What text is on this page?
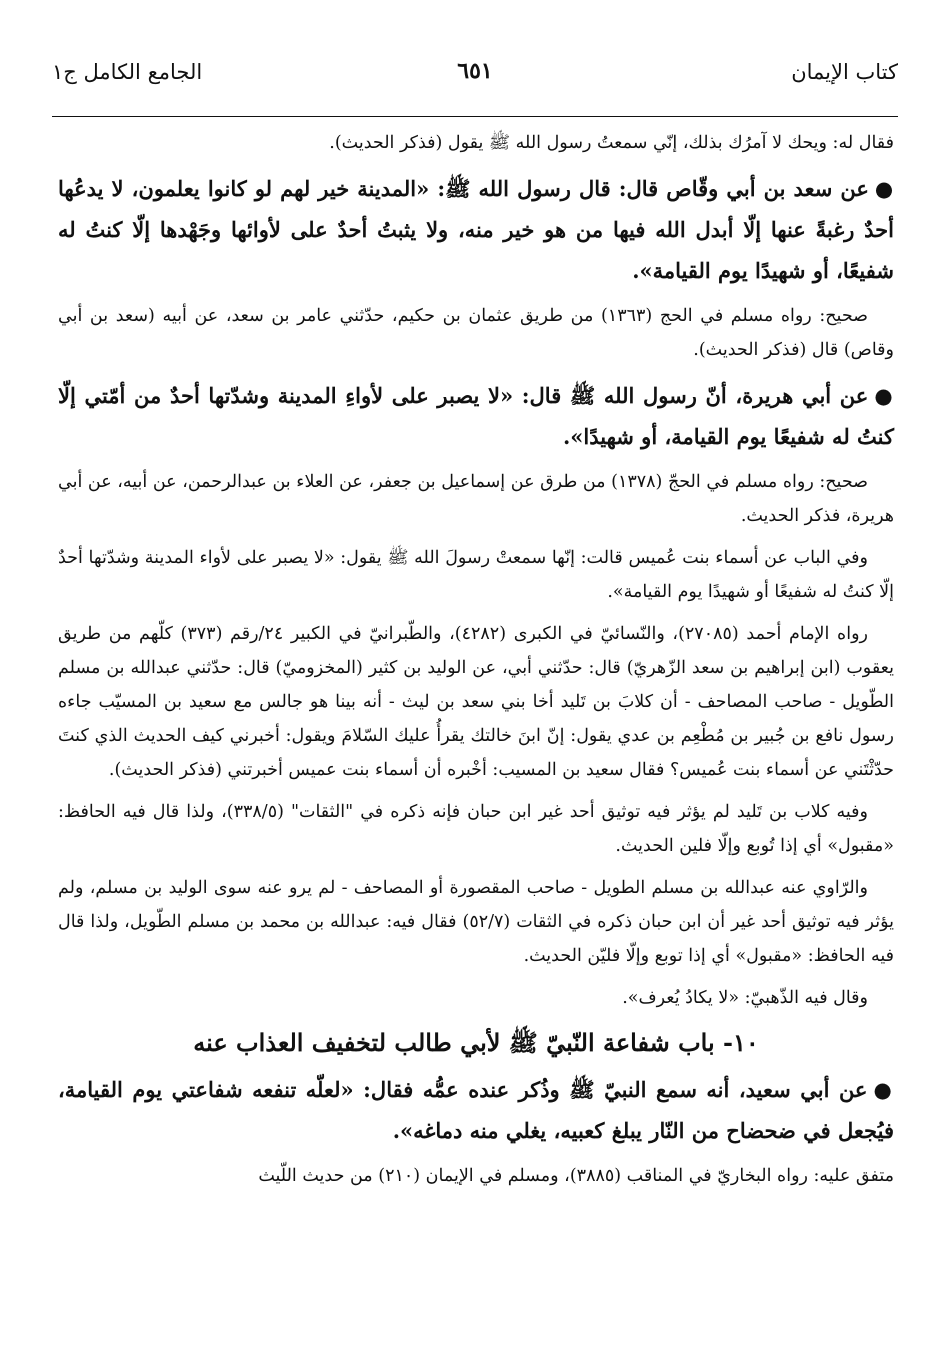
كتاب الإيمان
٦٥١
الجامع الكامل ج١

فقال له: ويحك لا آمرُك بذلك، إنّي سمعتُ رسول الله ﷺ يقول (فذكر الحديث).

●عن سعد بن أبي وقّاص قال: قال رسول الله ﷺ: «المدينة خير لهم لو كانوا يعلمون، لا يدعُها أحدٌ رغبةً عنها إلّا أبدل الله فيها من هو خير منه، ولا يثبتُ أحدٌ على لأوائها وجَهْدها إلّا كنتُ له شفيعًا، أو شهيدًا يوم القيامة».

صحيح: رواه مسلم في الحج (١٣٦٣) من طريق عثمان بن حكيم، حدّثني عامر بن سعد، عن أبيه (سعد بن أبي وقاص) قال (فذكر الحديث).

●عن أبي هريرة، أنّ رسول الله ﷺ قال: «لا يصبر على لأواءِ المدينة وشدّتها أحدٌ من أمّتي إلّا كنتُ له شفيعًا يوم القيامة، أو شهيدًا».

صحيح: رواه مسلم في الحجّ (١٣٧٨) من طرق عن إسماعيل بن جعفر، عن العلاء بن عبدالرحمن، عن أبيه، عن أبي هريرة، فذكر الحديث.

وفي الباب عن أسماء بنت عُميس قالت: إنّها سمعتْ رسولَ الله ﷺ يقول: «لا يصبر على لأواء المدينة وشدّتها أحدٌ إلّا كنتُ له شفيعًا أو شهيدًا يوم القيامة».

رواه الإمام أحمد (٢٧٠٨٥)، والنّسائيّ في الكبرى (٤٢٨٢)، والطّبرانيّ في الكبير ٢٤/رقم (٣٧٣) كلّهم من طريق يعقوب (ابن إبراهيم بن سعد الزّهريّ) قال: حدّثني أبي، عن الوليد بن كثير (المخزوميّ) قال: حدّثني عبدالله بن مسلم الطّويل - صاحب المصاحف - أن كلابَ بن تَليد أخا بني سعد بن ليث - أنه بينا هو جالس مع سعيد بن المسيّب جاءه رسول نافع بن جُبير بن مُطْعِم بن عدي يقول: إنّ ابنَ خالتك يقرأُ عليك السّلامَ ويقول: أخبرني كيف الحديث الذي كنتَ حدّثْتَني عن أسماء بنت عُميس؟ فقال سعيد بن المسيب: أخْبره أن أسماء بنت عميس أخبرتني (فذكر الحديث).

وفيه كلاب بن تَليد لم يؤثر فيه توثيق أحد غير ابن حبان فإنه ذكره في "الثقات" (٣٣٨/٥)، ولذا قال فيه الحافظ: «مقبول» أي إذا تُوبع وإلّا فلين الحديث.

والرّاوي عنه عبدالله بن مسلم الطويل - صاحب المقصورة أو المصاحف - لم يرو عنه سوى الوليد بن مسلم، ولم يؤثر فيه توثيق أحد غير أن ابن حبان ذكره في الثقات (٥٢/٧) فقال فيه: عبدالله بن محمد بن مسلم الطّويل، ولذا قال فيه الحافظ: «مقبول» أي إذا توبع وإلّا فليّن الحديث.

وقال فيه الذّهبيّ: «لا يكادُ يُعرف».

١٠- باب شفاعة النّبيّ ﷺ لأبي طالب لتخفيف العذاب عنه

●عن أبي سعيد، أنه سمع النبيّ ﷺ وذُكر عنده عمُّه فقال: «لعلّه تنفعه شفاعتي يوم القيامة، فيُجعل في ضحضاح من النّار يبلغ كعبيه، يغلي منه دماغه».

متفق عليه: رواه البخاريّ في المناقب (٣٨٨٥)، ومسلم في الإيمان (٢١٠) من حديث اللّيث
